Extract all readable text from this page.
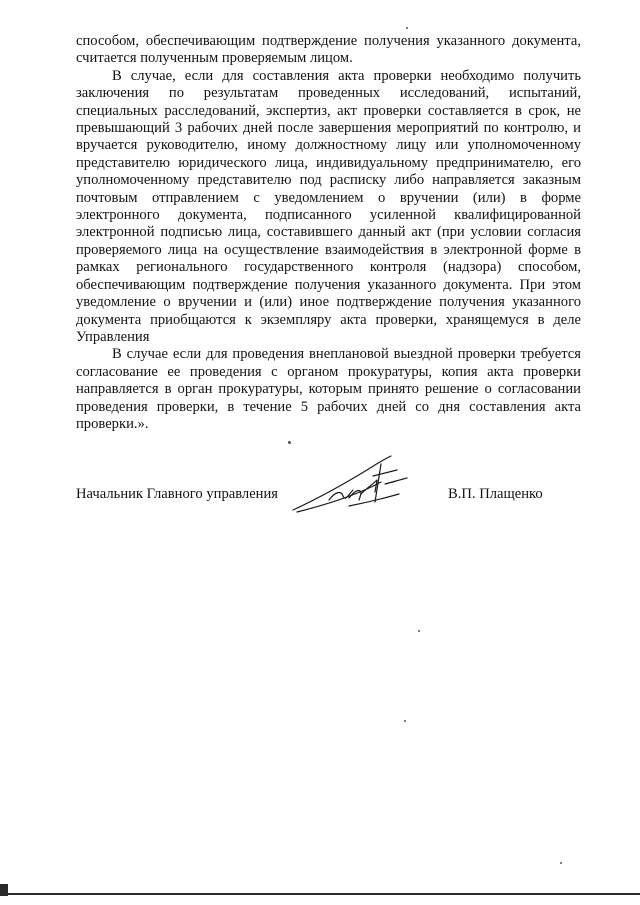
способом, обеспечивающим подтверждение получения указанного документа, считается полученным проверяемым лицом.

В случае, если для составления акта проверки необходимо получить заключения по результатам проведенных исследований, испытаний, специальных расследований, экспертиз, акт проверки составляется в срок, не превышающий 3 рабочих дней после завершения мероприятий по контролю, и вручается руководителю, иному должностному лицу или уполномоченному представителю юридического лица, индивидуальному предпринимателю, его уполномоченному представителю под расписку либо направляется заказным почтовым отправлением с уведомлением о вручении (или) в форме электронного документа, подписанного усиленной квалифицированной электронной подписью лица, составившего данный акт (при условии согласия проверяемого лица на осуществление взаимодействия в электронной форме в рамках регионального государственного контроля (надзора) способом, обеспечивающим подтверждение получения указанного документа. При этом уведомление о вручении и (или) иное подтверждение получения указанного документа приобщаются к экземпляру акта проверки, хранящемуся в деле Управления

В случае если для проведения внеплановой выездной проверки требуется согласование ее проведения с органом прокуратуры, копия акта проверки направляется в орган прокуратуры, которым принято решение о согласовании проведения проверки, в течение 5 рабочих дней со дня составления акта проверки.».

Начальник Главного управления	В.П. Плащенко
